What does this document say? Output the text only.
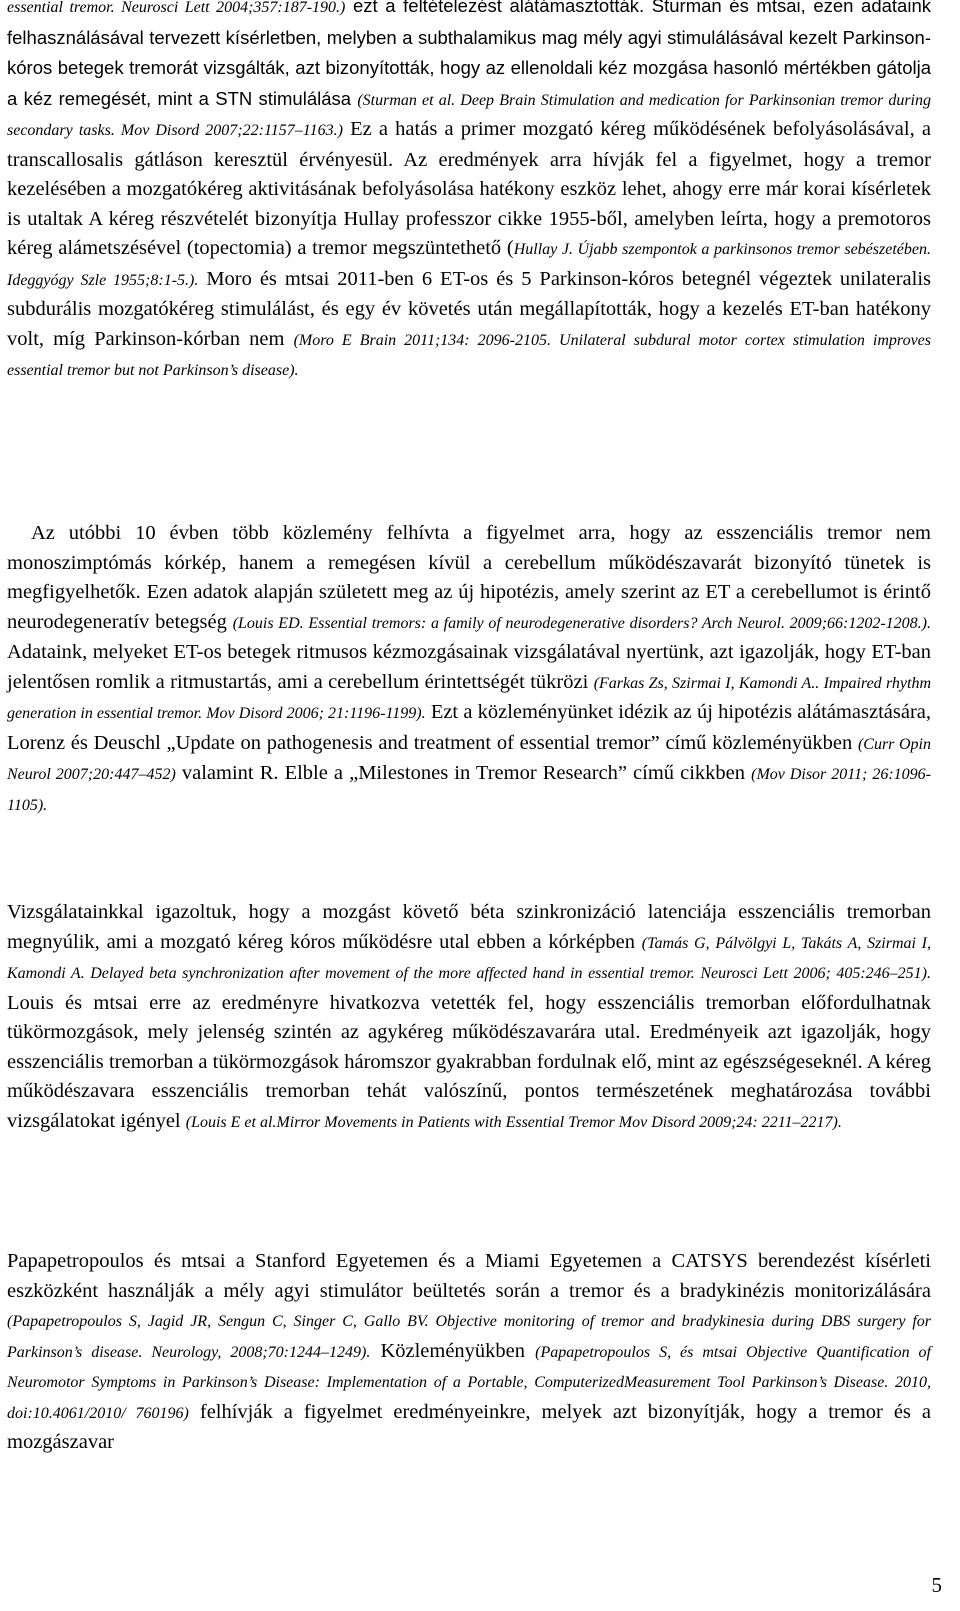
essential tremor. Neurosci Lett 2004;357:187-190.) ezt a feltételezést alátámasztották. Sturman és mtsai, ezen adataink felhasználásával tervezett kísérletben, melyben a subthalamikus mag mély agyi stimulálásával kezelt Parkinson-kóros betegek tremorát vizsgálták, azt bizonyították, hogy az ellenoldali kéz mozgása hasonló mértékben gátolja a kéz remegését, mint a STN stimulálása (Sturman et al. Deep Brain Stimulation and medication for Parkinsonian tremor during secondary tasks. Mov Disord 2007;22:1157–1163.) Ez a hatás a primer mozgató kéreg működésének befolyásolásával, a transcallosalis gátláson keresztül érvényesül. Az eredmények arra hívják fel a figyelmet, hogy a tremor kezelésében a mozgatókéreg aktivitásának befolyásolása hatékony eszköz lehet, ahogy erre már korai kísérletek is utaltak A kéreg részvételét bizonyítja Hullay professzor cikke 1955-ből, amelyben leírta, hogy a premotoros kéreg alámetszésével (topectomia) a tremor megszüntethető (Hullay J. Újabb szempontok a parkinsonos tremor sebészetében. Ideggyógy Szle 1955;8:1-5.). Moro és mtsai 2011-ben 6 ET-os és 5 Parkinson-kóros betegnél végeztek unilateralis subdurális mozgatókéreg stimulálást, és egy év követés után megállapították, hogy a kezelés ET-ban hatékony volt, míg Parkinson-kórban nem (Moro E Brain 2011;134: 2096-2105. Unilateral subdural motor cortex stimulation improves essential tremor but not Parkinson’s disease).

Az utóbbi 10 évben több közlemény felhívta a figyelmet arra, hogy az esszenciális tremor nem monoszimptómás kórkép, hanem a remegésen kívül a cerebellum működészavarát bizonyító tünetek is megfigyelhetők. Ezen adatok alapján született meg az új hipotézis, amely szerint az ET a cerebellumot is érintő neurodegeneratív betegség (Louis ED. Essential tremors: a family of neurodegenerative disorders? Arch Neurol. 2009;66:1202-1208.). Adataink, melyeket ET-os betegek ritmusos kézmozgásainak vizsgálatával nyertünk, azt igazolják, hogy ET-ban jelentősen romlik a ritmustartás, ami a cerebellum érintettségét tükrözi (Farkas Zs, Szirmai I, Kamondi A.. Impaired rhythm generation in essential tremor. Mov Disord 2006; 21:1196-1199). Ezt a közleményünket idézik az új hipotézis alátámasztására, Lorenz és Deuschl „Update on pathogenesis and treatment of essential tremor” című közleményükben (Curr Opin Neurol 2007;20:447–452) valamint R. Elble a „Milestones in Tremor Research” című cikkben (Mov Disor 2011; 26:1096-1105).

Vizsgálatainkkal igazoltuk, hogy a mozgást követő béta szinkronizáció latenciája esszenciális tremorban megnyúlik, ami a mozgató kéreg kóros működésre utal ebben a kórképben (Tamás G, Pálvölgyi L, Takáts A, Szirmai I, Kamondi A. Delayed beta synchronization after movement of the more affected hand in essential tremor. Neurosci Lett 2006; 405:246–251). Louis és mtsai erre az eredményre hivatkozva vetették fel, hogy esszenciális tremorban előfordulhatnak tükörmozgások, mely jelenség szintén az agykéreg működészavarára utal. Eredményeik azt igazolják, hogy esszenciális tremorban a tükörmozgások háromszor gyakrabban fordulnak elő, mint az egészségeseknél. A kéreg működészavara esszenciális tremorban tehát valószínű, pontos természetének meghatározása további vizsgálatokat igényel (Louis E et al.Mirror Movements in Patients with Essential Tremor Mov Disord 2009;24: 2211–2217).

Papapetropoulos és mtsai a Stanford Egyetemen és a Miami Egyetemen a CATSYS berendezést kísérleti eszközként használják a mély agyi stimulátor beültetés során a tremor és a bradykinézis monitorizálására (Papapetropoulos S, Jagid JR, Sengun C, Singer C, Gallo BV. Objective monitoring of tremor and bradykinesia during DBS surgery for Parkinson’s disease. Neurology, 2008;70:1244–1249). Közleményükben (Papapetropoulos S, és mtsai Objective Quantification of Neuromotor Symptoms in Parkinson’s Disease: Implementation of a Portable, ComputerizedMeasurement Tool Parkinson’s Disease. 2010, doi:10.4061/2010/ 760196) felhívják a figyelmet eredményeinkre, melyek azt bizonyítják, hogy a tremor és a mozgászavar

5
